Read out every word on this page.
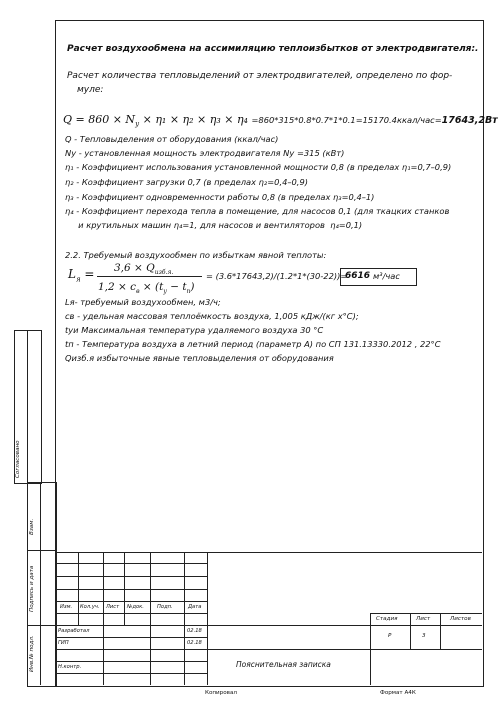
Расчет воздухообмена на ассимиляцию теплоизбытков от электродвигателя:.
Расчет количества тепловыделений от электродвигателей, определено по фор-
муле:
$Q = 860 \times N_у \times \eta_1 \times \eta_2 \times \eta_3 \times \eta_4$ =860*315*0.8*0.7*1*0.1=15170.4ккал/час=17643,2Вт
Q - Тепловыделения от оборудования (ккал/час)
Nу - установленная мощность электродвигателя Nу =315 (кВт)
η₁ - Коэффициент использования установленной мощности 0,8 (в пределах η₁=0,7–0,9)
η₂ - Коэффициент загрузки 0,7 (в пределах η₂=0,4–0,9)
η₃ - Коэффициент одновременности работы 0,8 (в пределах η₃=0,4–1)
η₄ - Коэффициент перехода тепла в помещение, для насосов 0,1 (для ткацких станков
и крутильных машин η₄=1, для насосов и вентиляторов  η₄=0,1)
2.2. Требуемый воздухообмен по избыткам явной теплоты:
$L_я = 3,6 \times Q_{изб.я.}$
$1,2 \times c_в \times (t_у - t_п)$
= (3.6*17643,2)/(1.2*1*(30-22))=
6616 м³/час
Lя- требуемый воздухообмен, м3/ч;
cв - удельная массовая теплоёмкость воздуха, 1,005 кДж/(кг х°C);
tуи Максимальная температура удаляемого воздуха 30 °C
tп - Температура воздуха в летний период (параметр А) по СП 131.13330.2012 , 22°C
Qизб.я избыточные явные тепловыделения от оборудования
Согласовано
Взам.
Подпись и дата
Инв.№ подл.
Изм. Кол.уч. Лист №док.	Подп.	Дата
Разработал	02.18
ГИП	02.18
Н.контр.
Стадия	Лист	Листов
Р	3
Пояснительная записка
Копировал	Формат А4К
